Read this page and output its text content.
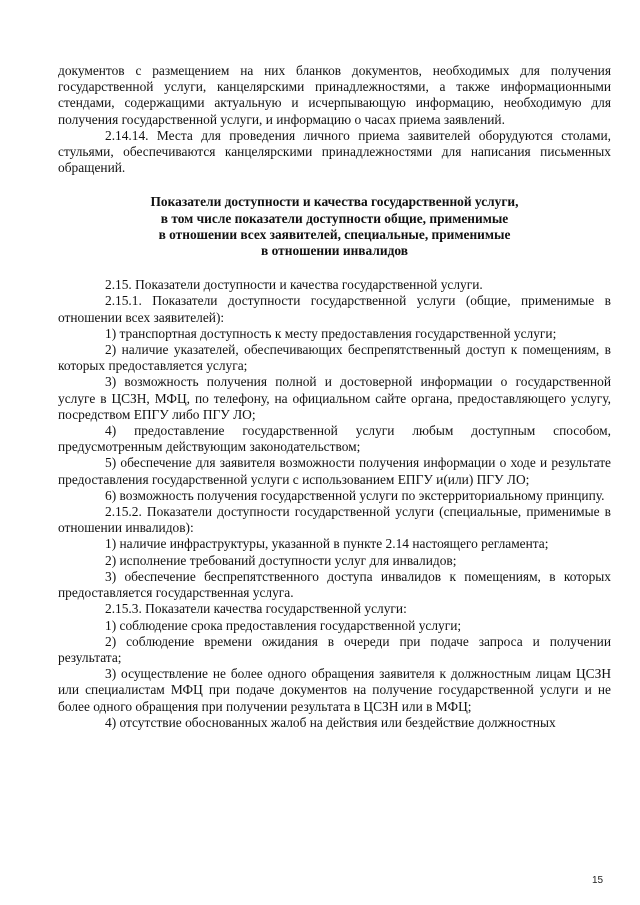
документов с размещением на них бланков документов, необходимых для получения государственной услуги, канцелярскими принадлежностями, а также информационными стендами, содержащими актуальную и исчерпывающую информацию, необходимую для получения государственной услуги, и информацию о часах приема заявлений.

2.14.14. Места для проведения личного приема заявителей оборудуются столами, стульями, обеспечиваются канцелярскими принадлежностями для написания письменных обращений.

Показатели доступности и качества государственной услуги,
в том числе показатели доступности общие, применимые
в отношении всех заявителей, специальные, применимые
в отношении инвалидов

2.15. Показатели доступности и качества государственной услуги.

2.15.1. Показатели доступности государственной услуги (общие, применимые в отношении всех заявителей):

1) транспортная доступность к месту предоставления государственной услуги;

2) наличие указателей, обеспечивающих беспрепятственный доступ к помещениям, в которых предоставляется услуга;

3) возможность получения полной и достоверной информации о государственной услуге в ЦСЗН, МФЦ, по телефону, на официальном сайте органа, предоставляющего услугу, посредством ЕПГУ либо ПГУ ЛО;

4) предоставление государственной услуги любым доступным способом, предусмотренным действующим законодательством;

5) обеспечение для заявителя возможности получения информации о ходе и результате предоставления государственной услуги с использованием ЕПГУ и(или) ПГУ ЛО;

6) возможность получения государственной услуги по экстерриториальному принципу.

2.15.2. Показатели доступности государственной услуги (специальные, применимые в отношении инвалидов):

1) наличие инфраструктуры, указанной в пункте 2.14 настоящего регламента;

2) исполнение требований доступности услуг для инвалидов;

3) обеспечение беспрепятственного доступа инвалидов к помещениям, в которых предоставляется государственная услуга.

2.15.3. Показатели качества государственной услуги:

1) соблюдение срока предоставления государственной услуги;

2) соблюдение времени ожидания в очереди при подаче запроса и получении результата;

3) осуществление не более одного обращения заявителя к должностным лицам ЦСЗН или специалистам МФЦ при подаче документов на получение государственной услуги и не более одного обращения при получении результата в ЦСЗН или в МФЦ;

4) отсутствие обоснованных жалоб на действия или бездействие должностных

15
